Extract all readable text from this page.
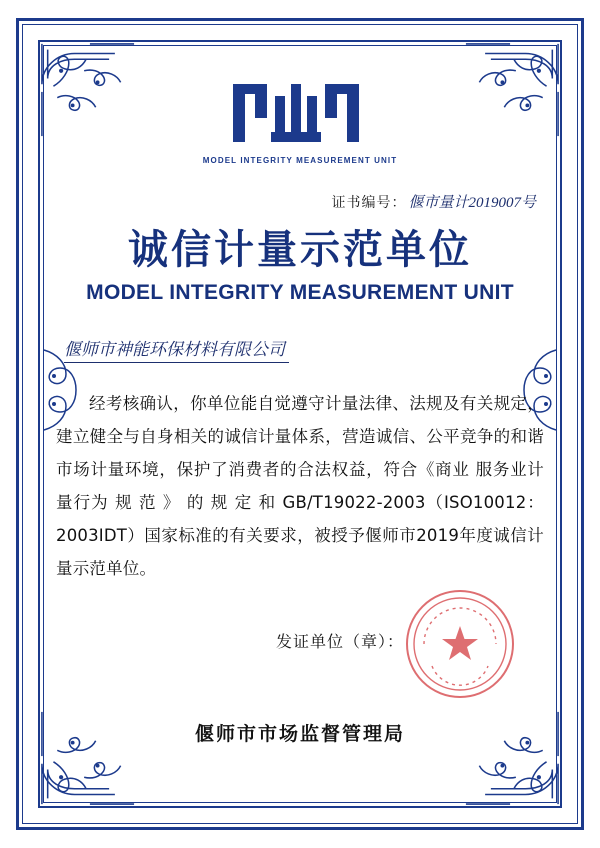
MODEL INTEGRITY MEASUREMENT UNIT
证书编号： 偃市量计2019007号
诚信计量示范单位
MODEL INTEGRITY MEASUREMENT UNIT
偃师市神能环保材料有限公司

经考核确认，你单位能自觉遵守计量法律、法规及有关规定，建立健全与自身相关的诚信计量体系，营造诚信、公平竞争的和谐市场计量环境，保护了消费者的合法权益，符合《商业 服务业计量行为 规 范 》 的 规 定 和 GB/T19022-2003（ISO10012：2003IDT）国家标准的有关要求，被授予偃师市2019年度诚信计量示范单位。

发证单位（章）：
偃师市市场监督管理局
